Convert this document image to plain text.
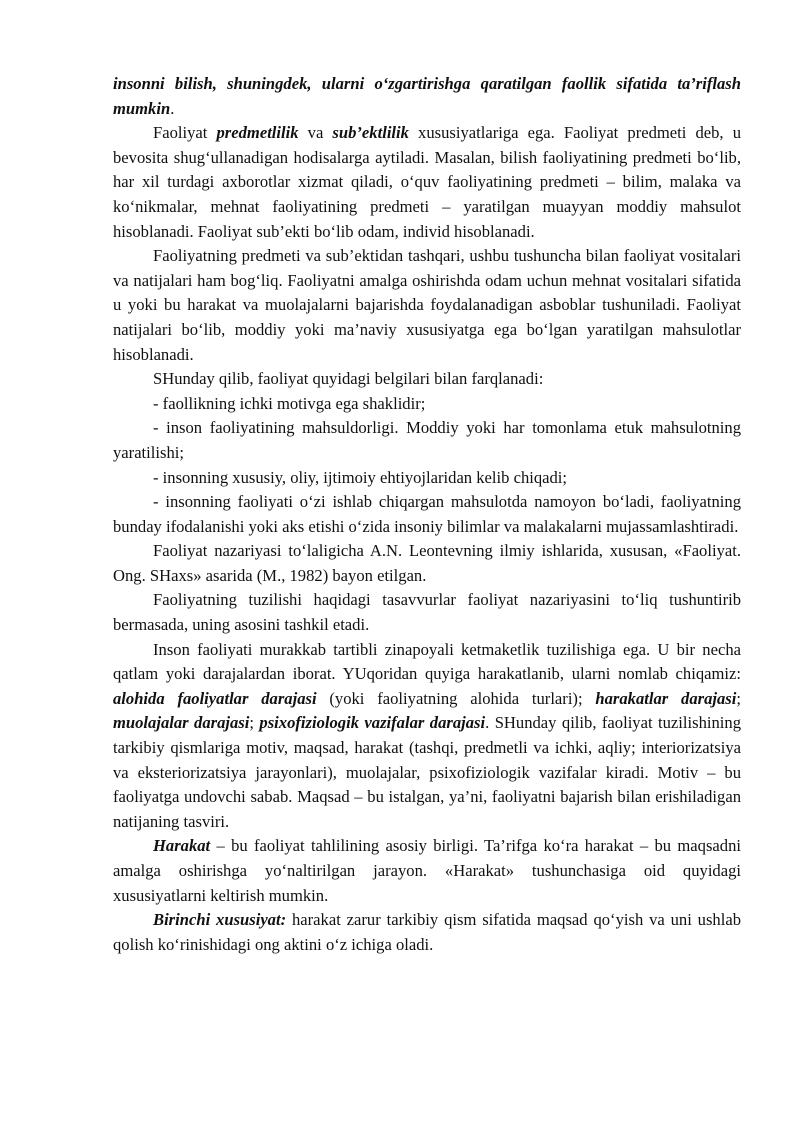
insonni bilish, shuningdek, ularni o‘zgartirishga qaratilgan faollik sifatida ta’riflash mumkin.

Faoliyat predmetlilik va sub’ektlilik xususiyatlariga ega. Faoliyat predmeti deb, u bevosita shug‘ullanadigan hodisalarga aytiladi. Masalan, bilish faoliyatining predmeti bo‘lib, har xil turdagi axborotlar xizmat qiladi, o‘quv faoliyatining predmeti – bilim, malaka va ko‘nikmalar, mehnat faoliyatining predmeti – yaratilgan muayyan moddiy mahsulot hisoblanadi. Faoliyat sub’ekti bo‘lib odam, individ hisoblanadi.

Faoliyatning predmeti va sub’ektidan tashqari, ushbu tushuncha bilan faoliyat vositalari va natijalari ham bog‘liq. Faoliyatni amalga oshirishda odam uchun mehnat vositalari sifatida u yoki bu harakat va muolajalarni bajarishda foydalanadigan asboblar tushuniladi. Faoliyat natijalari bo‘lib, moddiy yoki ma’naviy xususiyatga ega bo‘lgan yaratilgan mahsulotlar hisoblanadi.

SHunday qilib, faoliyat quyidagi belgilari bilan farqlanadi:

- faollikning ichki motivga ega shaklidir;

- inson faoliyatining mahsuldorligi. Moddiy yoki har tomonlama etuk mahsulotning yaratilishi;

- insonning xususiy, oliy, ijtimoiy ehtiyojlaridan kelib chiqadi;

- insonning faoliyati o‘zi ishlab chiqargan mahsulotda namoyon bo‘ladi, faoliyatning bunday ifodalanishi yoki aks etishi o‘zida insoniy bilimlar va malakalarni mujassamlashtiradi.

Faoliyat nazariyasi to‘laligicha A.N. Leontevning ilmiy ishlarida, xususan, «Faoliyat. Ong. SHaxs» asarida (M., 1982) bayon etilgan.

Faoliyatning tuzilishi haqidagi tasavvurlar faoliyat nazariyasini to‘liq tushuntirib bermasada, uning asosini tashkil etadi.

Inson faoliyati murakkab tartibli zinapoyali ketmaketlik tuzilishiga ega. U bir necha qatlam yoki darajalardan iborat. YUqoridan quyiga harakatlanib, ularni nomlab chiqamiz: alohida faoliyatlar darajasi (yoki faoliyatning alohida turlari); harakatlar darajasi; muolajalar darajasi; psixofiziologik vazifalar darajasi. SHunday qilib, faoliyat tuzilishining tarkibiy qismlariga motiv, maqsad, harakat (tashqi, predmetli va ichki, aqliy; interiorizatsiya va eksteriorizatsiya jarayonlari), muolajalar, psixofiziologik vazifalar kiradi. Motiv – bu faoliyatga undovchi sabab. Maqsad – bu istalgan, ya’ni, faoliyatni bajarish bilan erishiladigan natijaning tasviri.

Harakat – bu faoliyat tahlilining asosiy birligi. Ta’rifga ko‘ra harakat – bu maqsadni amalga oshirishga yo‘naltirilgan jarayon. «Harakat» tushunchasiga oid quyidagi xususiyatlarni keltirish mumkin.

Birinchi xususiyat: harakat zarur tarkibiy qism sifatida maqsad qo‘yish va uni ushlab qolish ko‘rinishidagi ong aktini o‘z ichiga oladi.
